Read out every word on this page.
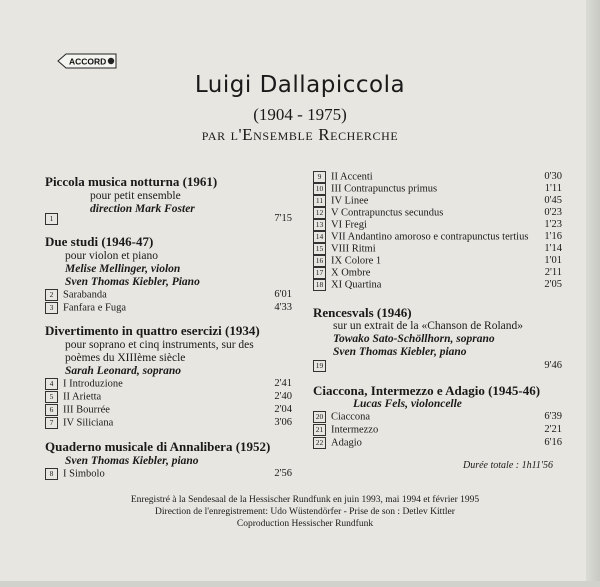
ACCORD
Luigi Dallapiccola
(1904 - 1975)
par l'Ensemble Recherche
Piccola musica notturna (1961)
pour petit ensemble
direction Mark Foster
1	7'15
Due studi (1946-47)
pour violon et piano
Melise Mellinger, violon
Sven Thomas Kiebler, Piano
2 Sarabanda	6'01
3 Fanfara e Fuga	4'33
Divertimento in quattro esercizi (1934)
pour soprano et cinq instruments, sur des
poèmes du XIIIème siècle
Sarah Leonard, soprano
4 I Introduzione	2'41
5 II Arietta	2'40
6 III Bourrée	2'04
7 IV Siliciana	3'06
Quaderno musicale di Annalibera (1952)
Sven Thomas Kiebler, piano
8 I Simbolo	2'56
9 II Accenti	0'30
10 III Contrapunctus primus	1'11
11 IV Linee	0'45
12 V Contrapunctus secundus	0'23
13 VI Fregi	1'23
14 VII Andantino amoroso e contrapunctus tertius	1'16
15 VIII Ritmi	1'14
16 IX Colore 1	1'01
17 X Ombre	2'11
18 XI Quartina	2'05
Rencesvals (1946)
sur un extrait de la «Chanson de Roland»
Towako Sato-Schöllhorn, soprano
Sven Thomas Kiebler, piano
19	9'46
Ciaccona, Intermezzo e Adagio (1945-46)
Lucas Fels, violoncelle
20 Ciaccona	6'39
21 Intermezzo	2'21
22 Adagio	6'16
Durée totale : 1h11'56
Enregistré à la Sendesaal de la Hessischer Rundfunk en juin 1993, mai 1994 et février 1995
Direction de l'enregistrement: Udo Wüstendörfer - Prise de son : Detlev Kittler
Coproduction Hessischer Rundfunk
